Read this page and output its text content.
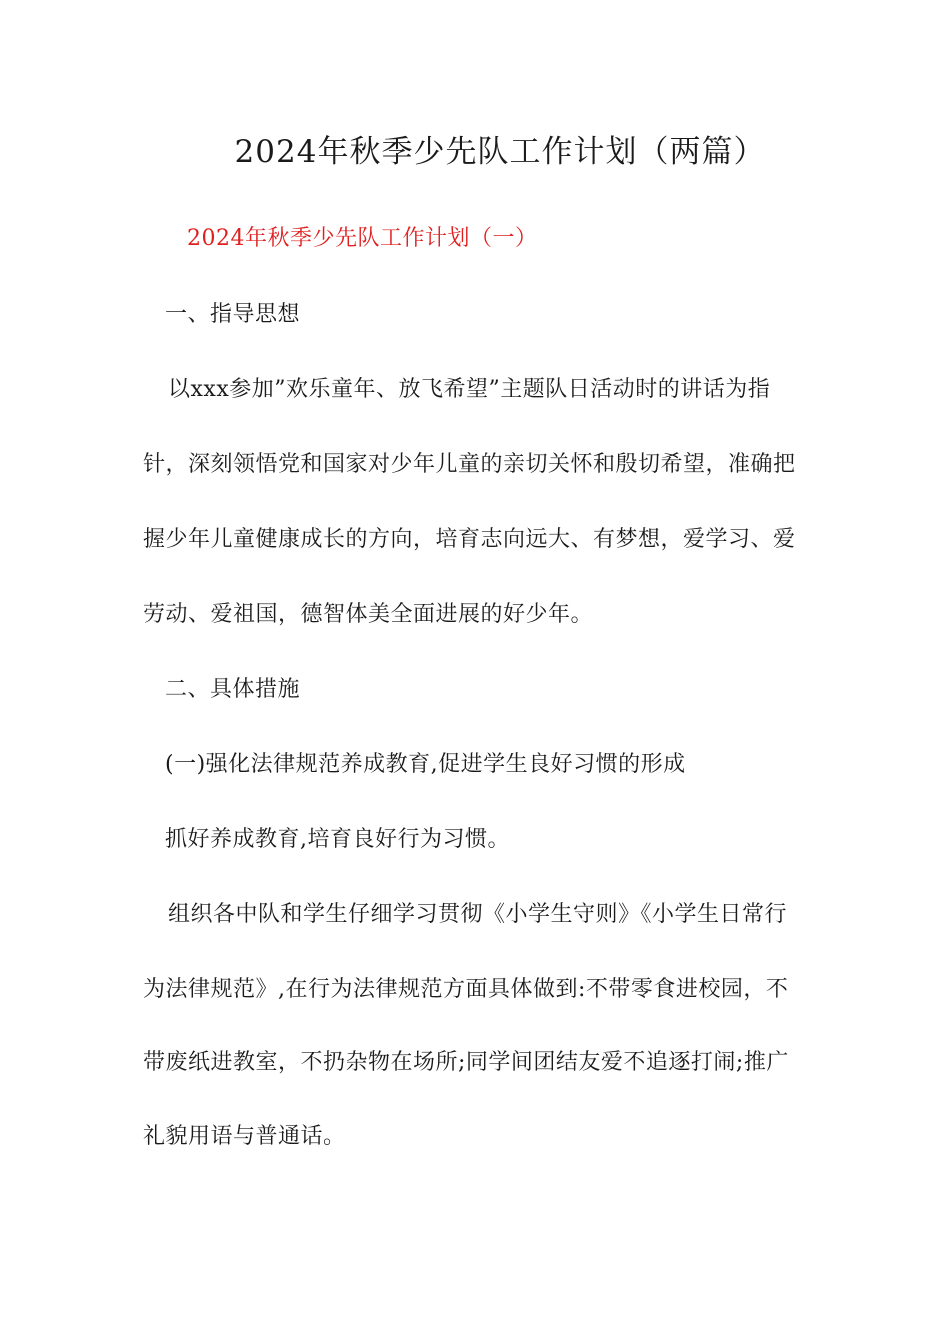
2024年秋季少先队工作计划（两篇）
2024年秋季少先队工作计划（一）
一、指导思想
以xxx参加”欢乐童年、放飞希望”主题队日活动时的讲话为指
针，深刻领悟党和国家对少年儿童的亲切关怀和殷切希望，准确把
握少年儿童健康成长的方向，培育志向远大、有梦想，爱学习、爱
劳动、爱祖国，德智体美全面进展的好少年。
二、具体措施
(一)强化法律规范养成教育,促进学生良好习惯的形成
抓好养成教育,培育良好行为习惯。
组织各中队和学生仔细学习贯彻《小学生守则》《小学生日常行
为法律规范》,在行为法律规范方面具体做到:不带零食进校园，不
带废纸进教室，不扔杂物在场所;同学间团结友爱不追逐打闹;推广
礼貌用语与普通话。
